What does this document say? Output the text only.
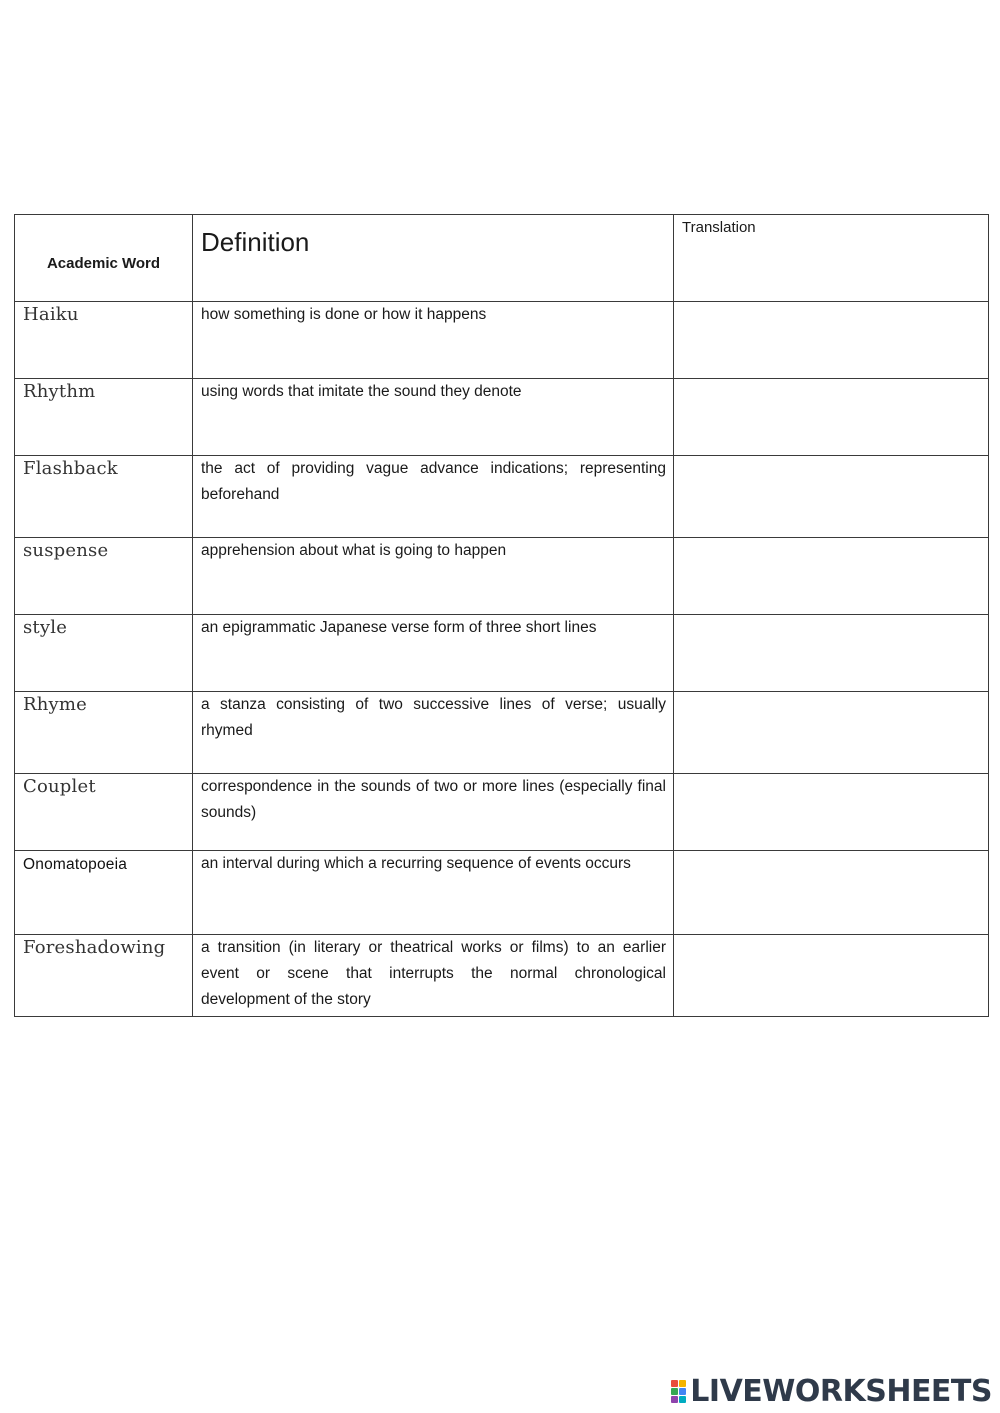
Academic Word	Definition	Translation
Haiku	how something is done or how it happens	
Rhythm	using words that imitate the sound they denote	
Flashback	the act of providing vague advance indications; representing beforehand	
suspense	apprehension about what is going to happen	
style	an epigrammatic Japanese verse form of three short lines	
Rhyme	a stanza consisting of two successive lines of verse; usually rhymed	
Couplet	correspondence in the sounds of two or more lines (especially final sounds)	
Onomatopoeia	an interval during which a recurring sequence of events occurs	
Foreshadowing	a transition (in literary or theatrical works or films) to an earlier event or scene that interrupts the normal chronological development of the story	
LIVEWORKSHEETS
